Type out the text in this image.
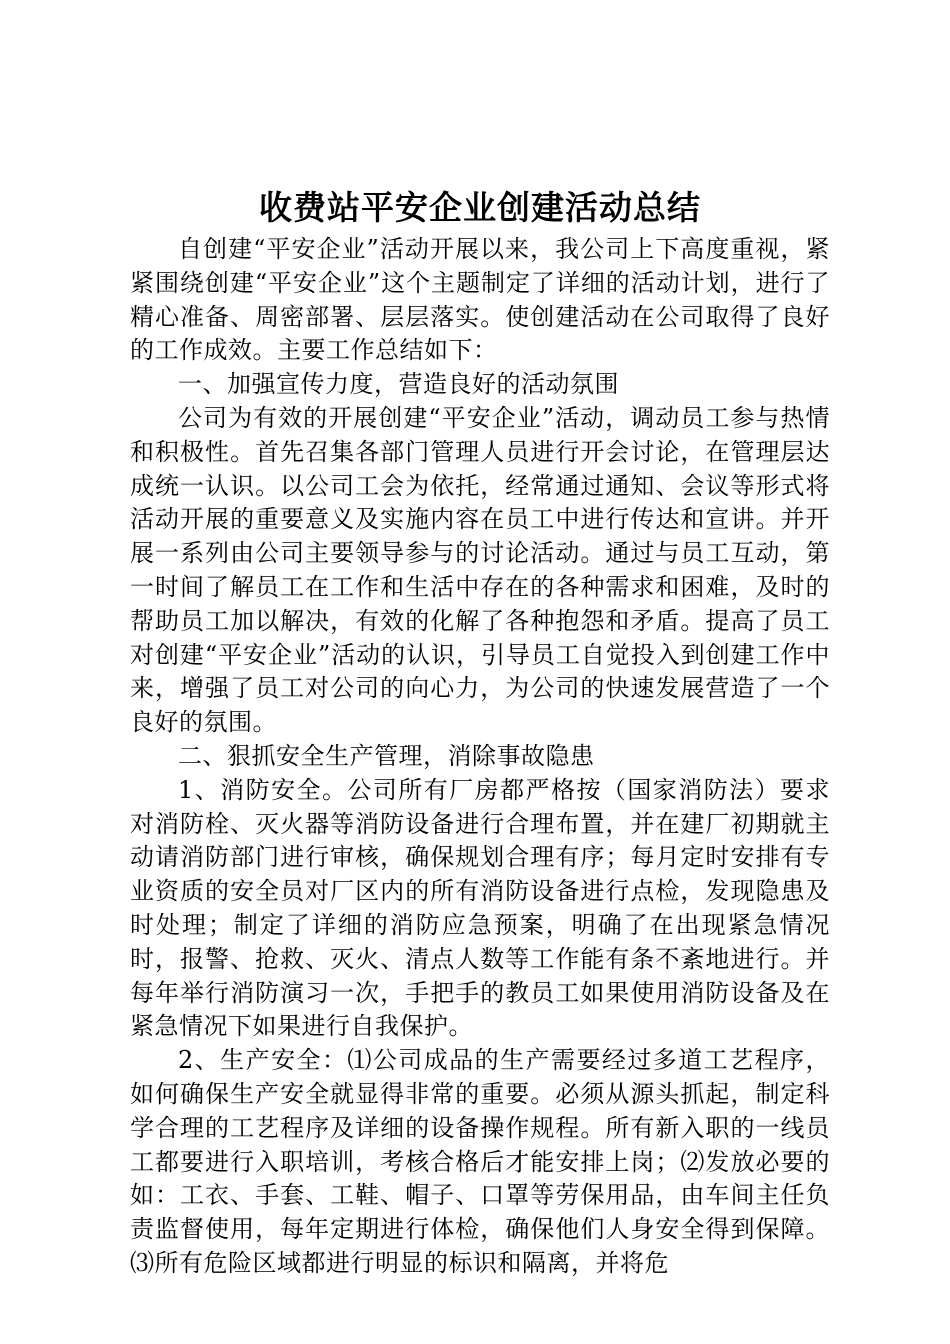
收费站平安企业创建活动总结

自创建“平安企业”活动开展以来，我公司上下高度重视，紧紧围绕创建“平安企业”这个主题制定了详细的活动计划，进行了精心准备、周密部署、层层落实。使创建活动在公司取得了良好的工作成效。主要工作总结如下：

一、加强宣传力度，营造良好的活动氛围

公司为有效的开展创建“平安企业”活动，调动员工参与热情和积极性。首先召集各部门管理人员进行开会讨论，在管理层达成统一认识。以公司工会为依托，经常通过通知、会议等形式将活动开展的重要意义及实施内容在员工中进行传达和宣讲。并开展一系列由公司主要领导参与的讨论活动。通过与员工互动，第一时间了解员工在工作和生活中存在的各种需求和困难，及时的帮助员工加以解决，有效的化解了各种抱怨和矛盾。提高了员工对创建“平安企业”活动的认识，引导员工自觉投入到创建工作中来，增强了员工对公司的向心力，为公司的快速发展营造了一个良好的氛围。

二、狠抓安全生产管理，消除事故隐患

1、消防安全。公司所有厂房都严格按（国家消防法）要求对消防栓、灭火器等消防设备进行合理布置，并在建厂初期就主动请消防部门进行审核，确保规划合理有序；每月定时安排有专业资质的安全员对厂区内的所有消防设备进行点检，发现隐患及时处理；制定了详细的消防应急预案，明确了在出现紧急情况时，报警、抢救、灭火、清点人数等工作能有条不紊地进行。并每年举行消防演习一次，手把手的教员工如果使用消防设备及在紧急情况下如果进行自我保护。

2、生产安全：⑴公司成品的生产需要经过多道工艺程序，如何确保生产安全就显得非常的重要。必须从源头抓起，制定科学合理的工艺程序及详细的设备操作规程。所有新入职的一线员工都要进行入职培训，考核合格后才能安排上岗；⑵发放必要的如：工衣、手套、工鞋、帽子、口罩等劳保用品，由车间主任负责监督使用，每年定期进行体检，确保他们人身安全得到保障。⑶所有危险区域都进行明显的标识和隔离，并将危
